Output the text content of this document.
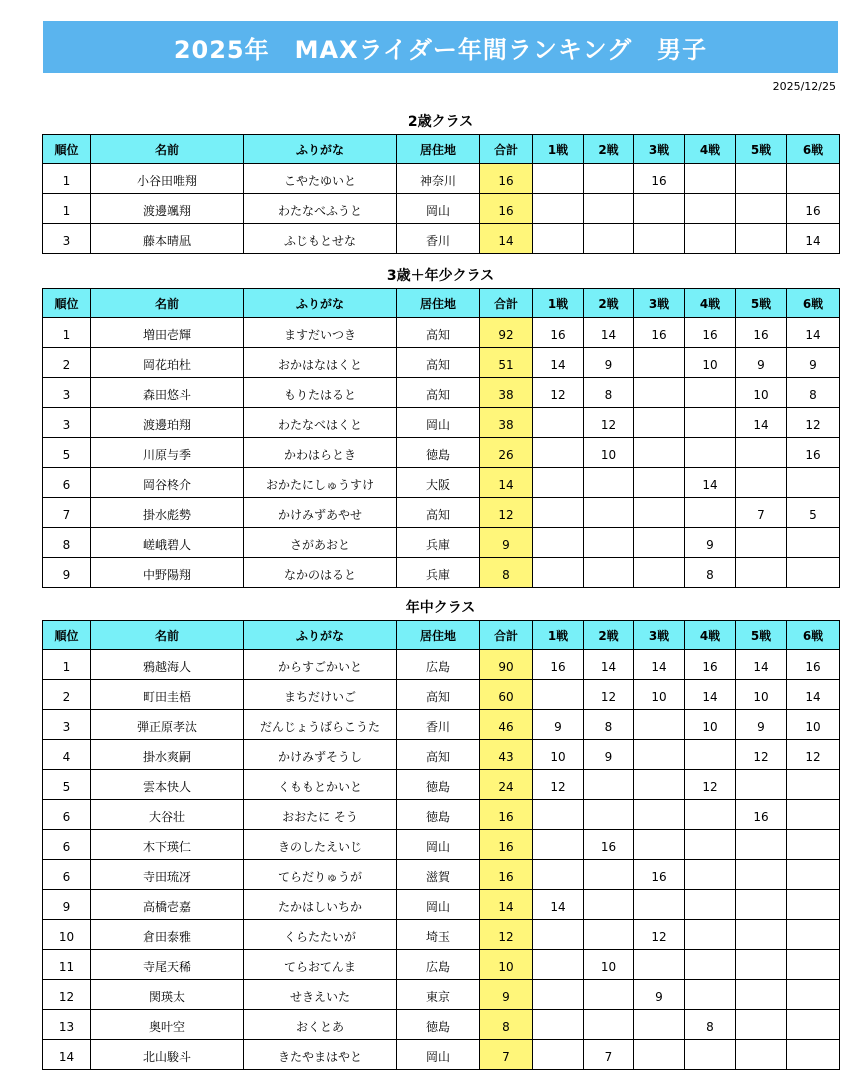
2025年　MAXライダー年間ランキング　男子
2025/12/25
2歳クラス
順位	名前	ふりがな	居住地	合計	1戦	2戦	3戦	4戦	5戦	6戦
1	小谷田唯翔	こやたゆいと	神奈川	16			16			
1	渡邊颯翔	わたなべふうと	岡山	16						16
3	藤本晴凪	ふじもとせな	香川	14						14
3歳＋年少クラス
順位	名前	ふりがな	居住地	合計	1戦	2戦	3戦	4戦	5戦	6戦
1	増田壱輝	ますだいつき	高知	92	16	14	16	16	16	14
2	岡花珀杜	おかはなはくと	高知	51	14	9		10	9	9
3	森田悠斗	もりたはると	高知	38	12	8			10	8
3	渡邊珀翔	わたなべはくと	岡山	38		12			14	12
5	川原与季	かわはらとき	徳島	26		10				16
6	岡谷柊介	おかたにしゅうすけ	大阪	14				14		
7	掛水彪勢	かけみずあやせ	高知	12					7	5
8	嵯峨碧人	さがあおと	兵庫	9				9		
9	中野陽翔	なかのはると	兵庫	8				8		
年中クラス
順位	名前	ふりがな	居住地	合計	1戦	2戦	3戦	4戦	5戦	6戦
1	鴉越海人	からすごかいと	広島	90	16	14	14	16	14	16
2	町田圭梧	まちだけいご	高知	60		12	10	14	10	14
3	弾正原孝汰	だんじょうばらこうた	香川	46	9	8		10	9	10
4	掛水爽嗣	かけみずそうし	高知	43	10	9			12	12
5	雲本快人	くももとかいと	徳島	24	12			12		
6	大谷壮	おおたに そう	徳島	16					16	
6	木下瑛仁	きのしたえいじ	岡山	16		16				
6	寺田琉冴	てらだりゅうが	滋賀	16			16			
9	高橋壱嘉	たかはしいちか	岡山	14	14					
10	倉田泰雅	くらたたいが	埼玉	12			12			
11	寺尾天稀	てらおてんま	広島	10		10				
12	関瑛太	せきえいた	東京	9			9			
13	奥叶空	おくとあ	徳島	8				8		
14	北山駿斗	きたやまはやと	岡山	7		7				
